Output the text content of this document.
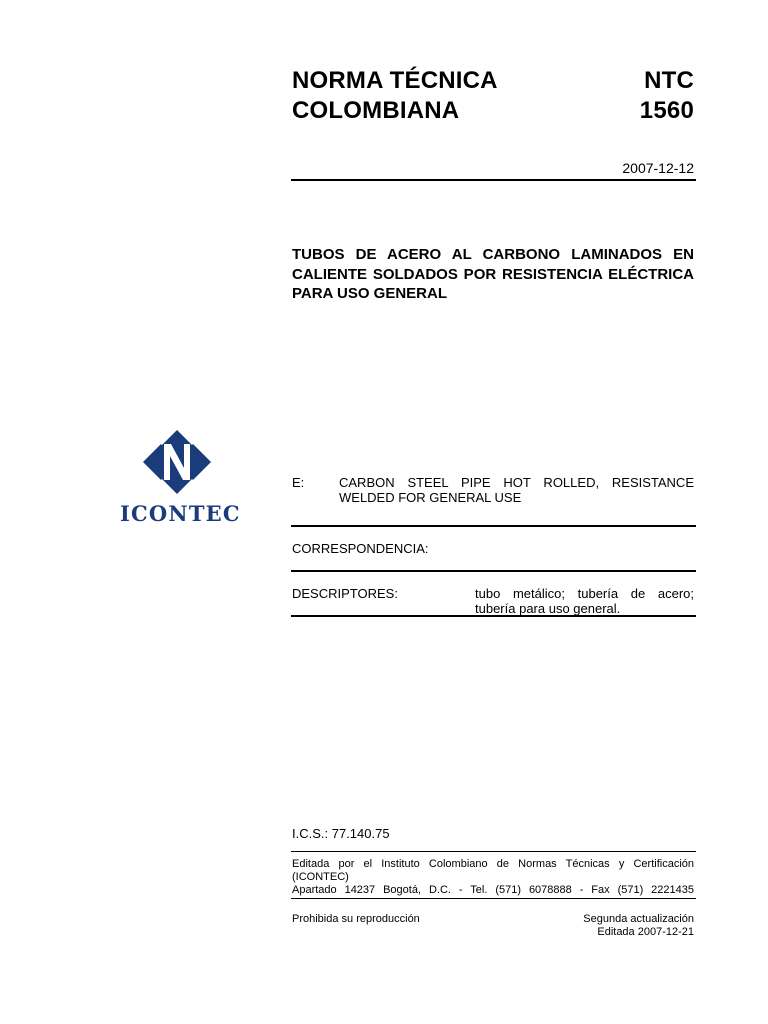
NORMA TÉCNICA	NTC
COLOMBIANA	1560
2007-12-12
TUBOS DE ACERO AL CARBONO LAMINADOS EN CALIENTE SOLDADOS POR RESISTENCIA ELÉCTRICA PARA USO GENERAL
ICONTEC
E:	CARBON STEEL PIPE HOT ROLLED, RESISTANCE WELDED FOR GENERAL USE
CORRESPONDENCIA:
DESCRIPTORES:	tubo metálico; tubería de acero; tubería para uso general.
I.C.S.: 77.140.75
Editada por el Instituto Colombiano de Normas Técnicas y Certificación (ICONTEC)
Apartado 14237 Bogotá, D.C. - Tel. (571) 6078888 - Fax (571) 2221435
Prohibida su reproducción	Segunda actualización
Editada 2007-12-21
